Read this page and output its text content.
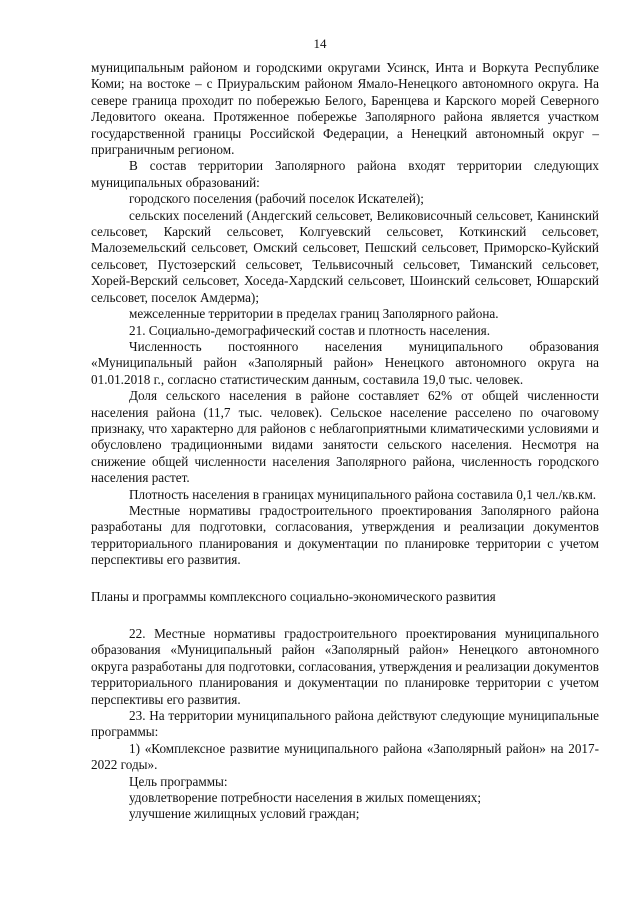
14

муниципальным районом и городскими округами Усинск, Инта и Воркута Республике Коми; на востоке – с Приуральским районом Ямало-Ненецкого автономного округа. На севере граница проходит по побережью Белого, Баренцева и Карского морей Северного Ледовитого океана. Протяженное побережье Заполярного района является участком государственной границы Российской Федерации, а Ненецкий автономный округ – приграничным регионом.

В состав территории Заполярного района входят территории следующих муниципальных образований:

городского поселения (рабочий поселок Искателей);

сельских поселений (Андегский сельсовет, Великовисочный сельсовет, Канинский сельсовет, Карский сельсовет, Колгуевский сельсовет, Коткинский сельсовет, Малоземельский сельсовет, Омский сельсовет, Пешский сельсовет, Приморско-Куйский сельсовет, Пустозерский сельсовет, Тельвисочный сельсовет, Тиманский сельсовет, Хорей-Верский сельсовет, Хоседа-Хардский сельсовет, Шоинский сельсовет, Юшарский сельсовет, поселок Амдерма);

межселенные территории в пределах границ Заполярного района.

21. Социально-демографический состав и плотность населения.

Численность постоянного населения муниципального образования «Муниципальный район «Заполярный район» Ненецкого автономного округа на 01.01.2018 г., согласно статистическим данным, составила 19,0 тыс. человек.

Доля сельского населения в районе составляет 62% от общей численности населения района (11,7 тыс. человек). Сельское население расселено по очаговому признаку, что характерно для районов с неблагоприятными климатическими условиями и обусловлено традиционными видами занятости сельского населения. Несмотря на снижение общей численности населения Заполярного района, численность городского населения растет.

Плотность населения в границах муниципального района составила 0,1 чел./кв.км.

Местные нормативы градостроительного проектирования Заполярного района разработаны для подготовки, согласования, утверждения и реализации документов территориального планирования и документации по планировке территории с учетом перспективы его развития.

Планы и программы комплексного социально-экономического развития

22. Местные нормативы градостроительного проектирования муниципального образования «Муниципальный район «Заполярный район» Ненецкого автономного округа разработаны для подготовки, согласования, утверждения и реализации документов территориального планирования и документации по планировке территории с учетом перспективы его развития.

23. На территории муниципального района действуют следующие муниципальные программы:

1) «Комплексное развитие муниципального района «Заполярный район» на 2017-2022 годы».

Цель программы:

удовлетворение потребности населения в жилых помещениях;

улучшение жилищных условий граждан;
